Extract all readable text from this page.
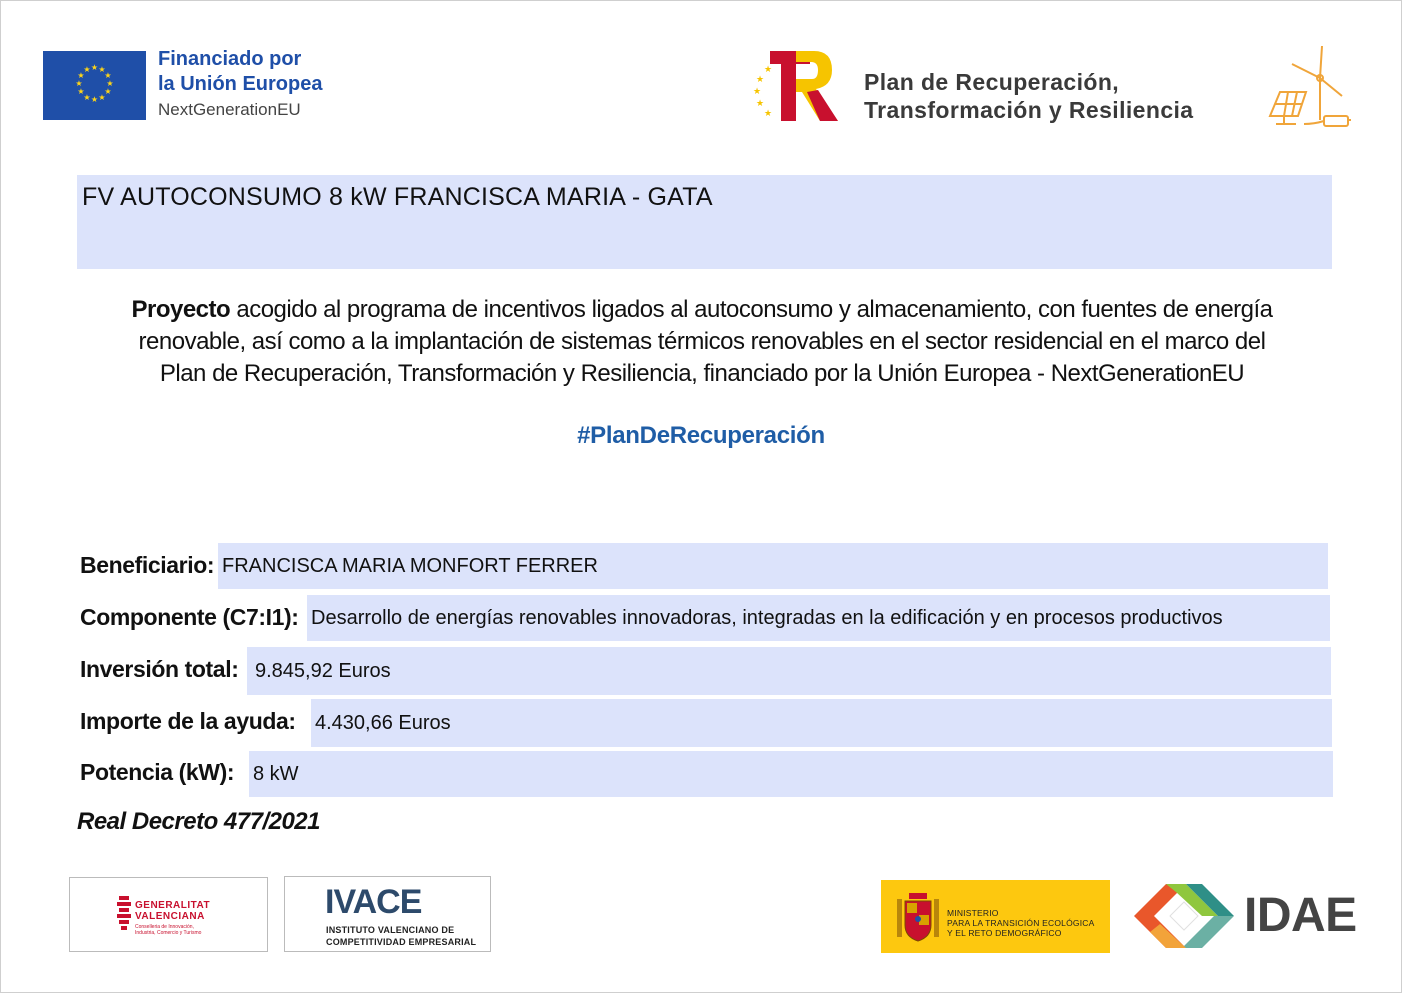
★ ★
★
★
★
★
★
★
★
★
★
★	Financiado por
la Unión Europea
NextGenerationEU
★
★
★
★
★
Plan de Recuperación,
Transformación y Resiliencia
FV AUTOCONSUMO 8 kW FRANCISCA MARIA - GATA
Proyecto acogido al programa de incentivos ligados al autoconsumo y almacenamiento, con fuentes de energía
renovable, así como a la implantación de sistemas térmicos renovables en el sector residencial en el marco del
Plan de Recuperación, Transformación y Resiliencia, financiado por la Unión Europea - NextGenerationEU
#PlanDeRecuperación
Beneficiario: FRANCISCA MARIA MONFORT FERRER
Componente (C7:I1): Desarrollo de energías renovables innovadoras, integradas en la edificación y en procesos productivos
Inversión total: 9.845,92 Euros
Importe de la ayuda: 4.430,66 Euros
Potencia (kW): 8 kW
Real Decreto 477/2021
GENERALITAT
VALENCIANA
Conselleria de Innovación,
Industria, Comercio y Turismo
IVACE
INSTITUTO VALENCIANO DE
COMPETITIVIDAD EMPRESARIAL
MINISTERIO
PARA LA TRANSICIÓN ECOLÓGICA
Y EL RETO DEMOGRÁFICO	IDAE
